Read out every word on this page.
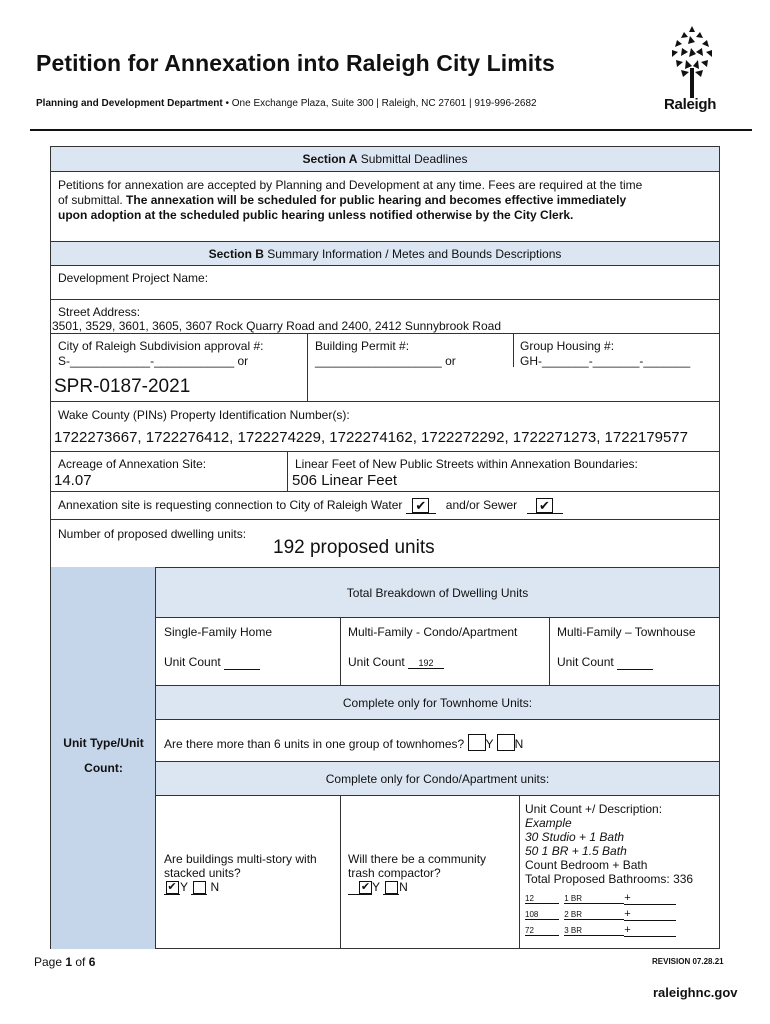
Petition for Annexation into Raleigh City Limits
Planning and Development Department • One Exchange Plaza, Suite 300 | Raleigh, NC 27601 | 919-996-2682	Raleigh
Section A Submittal Deadlines
Petitions for annexation are accepted by Planning and Development at any time. Fees are required at the time
of submittal. The annexation will be scheduled for public hearing and becomes effective immediately
upon adoption at the scheduled public hearing unless notified otherwise by the City Clerk.
Section B Summary Information / Metes and Bounds Descriptions
Development Project Name:
Street Address:
3501, 3529, 3601, 3605, 3607 Rock Quarry Road and 2400, 2412 Sunnybrook Road
City of Raleigh Subdivision approval #:
S-____________-____________ or
SPR-0187-2021
Building Permit #:
___________________ or
Group Housing #:
GH-_______-_______-_______
Wake County (PINs) Property Identification Number(s):
1722273667, 1722276412, 1722274229, 1722274162, 1722272292, 1722271273, 1722179577
Acreage of Annexation Site:
14.07
Linear Feet of New Public Streets within Annexation Boundaries:
506 Linear Feet
Annexation site is requesting connection to City of Raleigh Water ✔ and/or Sewer ✔
Number of proposed dwelling units:
192 proposed units
Unit Type/Unit
Count:
Total Breakdown of Dwelling Units
Single-Family Home
Unit Count
Multi-Family - Condo/Apartment
Unit Count 192
Multi-Family – Townhouse
Unit Count
Complete only for Townhome Units:
Are there more than 6 units in one group of townhomes? Y N
Complete only for Condo/Apartment units:
Are buildings multi-story with
stacked units?
✔ Y N
Will there be a community
trash compactor?
✔ Y N
Unit Count +/ Description:
Example
30 Studio + 1 Bath
50 1 BR + 1.5 Bath
Count Bedroom + Bath
Total Proposed Bathrooms: 336
12	1 BR	+
108	2 BR	+
72	3 BR	+
Page 1 of 6	REVISION 07.28.21
raleighnc.gov
